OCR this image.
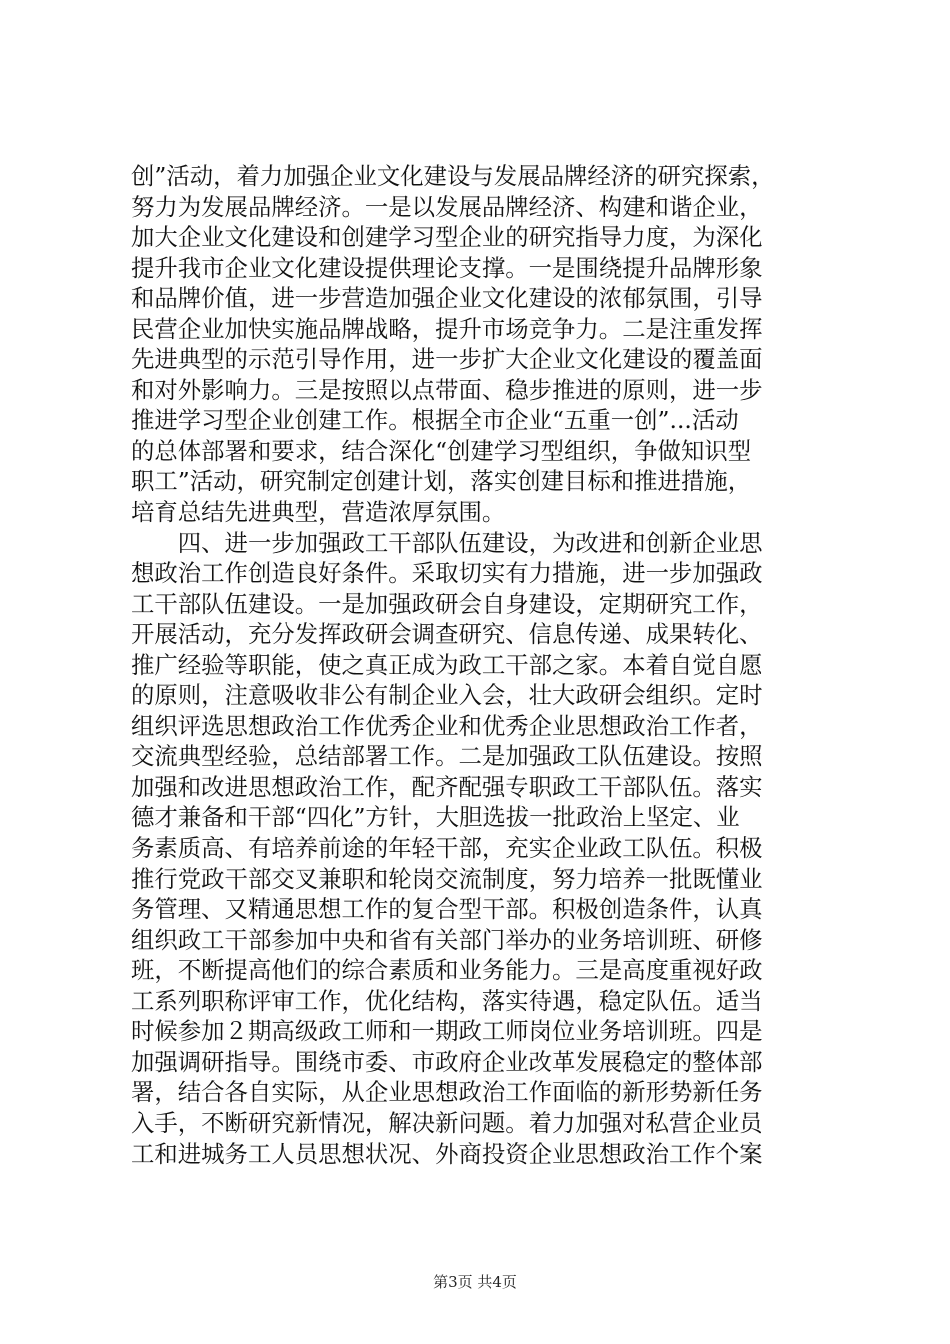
创”活动，着力加强企业文化建设与发展品牌经济的研究探索，
努力为发展品牌经济。一是以发展品牌经济、构建和谐企业，
加大企业文化建设和创建学习型企业的研究指导力度，为深化
提升我市企业文化建设提供理论支撑。一是围绕提升品牌形象
和品牌价值，进一步营造加强企业文化建设的浓郁氛围，引导
民营企业加快实施品牌战略，提升市场竞争力。二是注重发挥
先进典型的示范引导作用，进一步扩大企业文化建设的覆盖面
和对外影响力。三是按照以点带面、稳步推进的原则，进一步
推进学习型企业创建工作。根据全市企业“五重一创”...活动
的总体部署和要求，结合深化“创建学习型组织，争做知识型
职工”活动，研究制定创建计划，落实创建目标和推进措施，
培育总结先进典型，营造浓厚氛围。
　　四、进一步加强政工干部队伍建设，为改进和创新企业思
想政治工作创造良好条件。采取切实有力措施，进一步加强政
工干部队伍建设。一是加强政研会自身建设，定期研究工作，
开展活动，充分发挥政研会调查研究、信息传递、成果转化、
推广经验等职能，使之真正成为政工干部之家。本着自觉自愿
的原则，注意吸收非公有制企业入会，壮大政研会组织。定时
组织评选思想政治工作优秀企业和优秀企业思想政治工作者，
交流典型经验，总结部署工作。二是加强政工队伍建设。按照
加强和改进思想政治工作，配齐配强专职政工干部队伍。落实
德才兼备和干部“四化”方针，大胆选拔一批政治上坚定、业
务素质高、有培养前途的年轻干部，充实企业政工队伍。积极
推行党政干部交叉兼职和轮岗交流制度，努力培养一批既懂业
务管理、又精通思想工作的复合型干部。积极创造条件，认真
组织政工干部参加中央和省有关部门举办的业务培训班、研修
班，不断提高他们的综合素质和业务能力。三是高度重视好政
工系列职称评审工作，优化结构，落实待遇，稳定队伍。适当
时候参加２期高级政工师和一期政工师岗位业务培训班。四是
加强调研指导。围绕市委、市政府企业改革发展稳定的整体部
署，结合各自实际，从企业思想政治工作面临的新形势新任务
入手，不断研究新情况，解决新问题。着力加强对私营企业员
工和进城务工人员思想状况、外商投资企业思想政治工作个案
第3页 共4页
